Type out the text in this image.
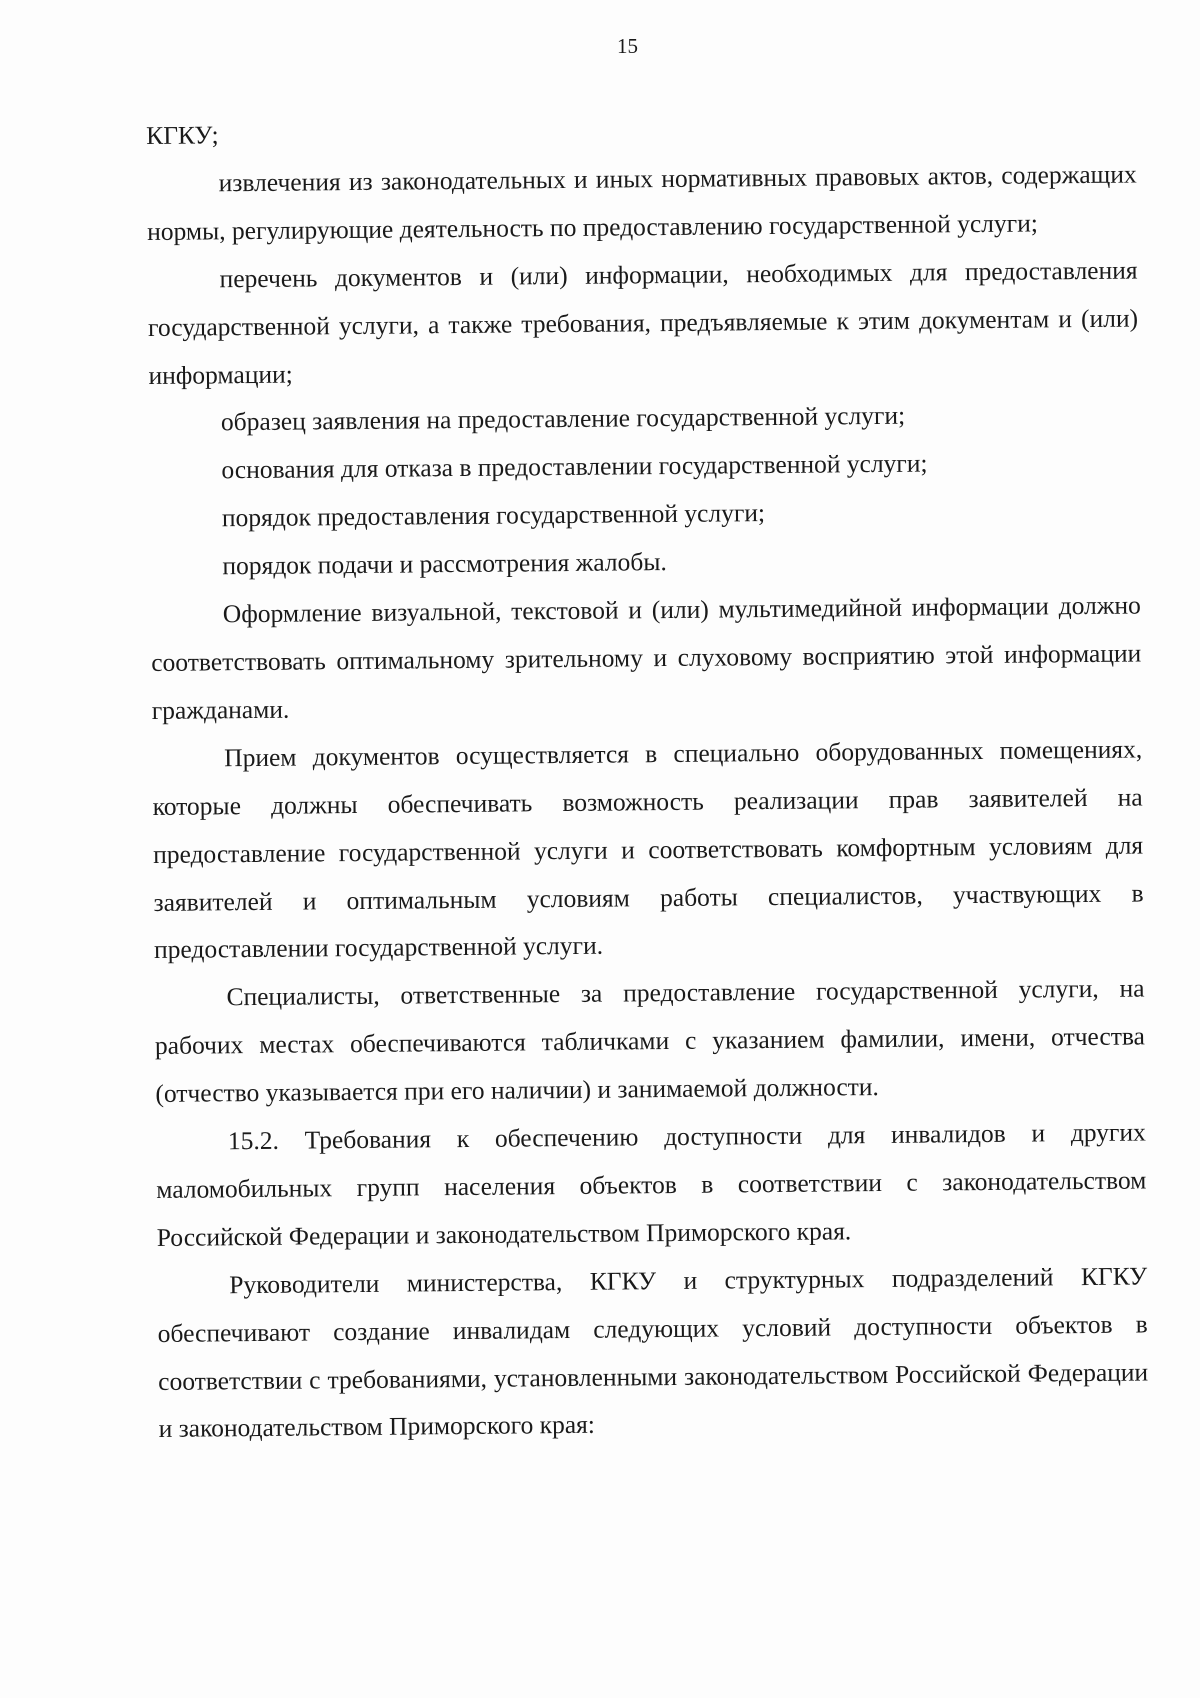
15

КГКУ;

извлечения из законодательных и иных нормативных правовых актов, содержащих нормы, регулирующие деятельность по предоставлению государственной услуги;

перечень документов и (или) информации, необходимых для предоставления государственной услуги, а также требования, предъявляемые к этим документам и (или) информации;

образец заявления на предоставление государственной услуги;

основания для отказа в предоставлении государственной услуги;

порядок предоставления государственной услуги;

порядок подачи и рассмотрения жалобы.

Оформление визуальной, текстовой и (или) мультимедийной информации должно соответствовать оптимальному зрительному и слуховому восприятию этой информации гражданами.

Прием документов осуществляется в специально оборудованных помещениях, которые должны обеспечивать возможность реализации прав заявителей на предоставление государственной услуги и соответствовать комфортным условиям для заявителей и оптимальным условиям работы специалистов, участвующих в предоставлении государственной услуги.

Специалисты, ответственные за предоставление государственной услуги, на рабочих местах обеспечиваются табличками с указанием фамилии, имени, отчества (отчество указывается при его наличии) и занимаемой должности.

15.2. Требования к обеспечению доступности для инвалидов и других маломобильных групп населения объектов в соответствии с законодательством Российской Федерации и законодательством Приморского края.

Руководители министерства, КГКУ и структурных подразделений КГКУ обеспечивают создание инвалидам следующих условий доступности объектов в соответствии с требованиями, установленными законодательством Российской Федерации и законодательством Приморского края:
